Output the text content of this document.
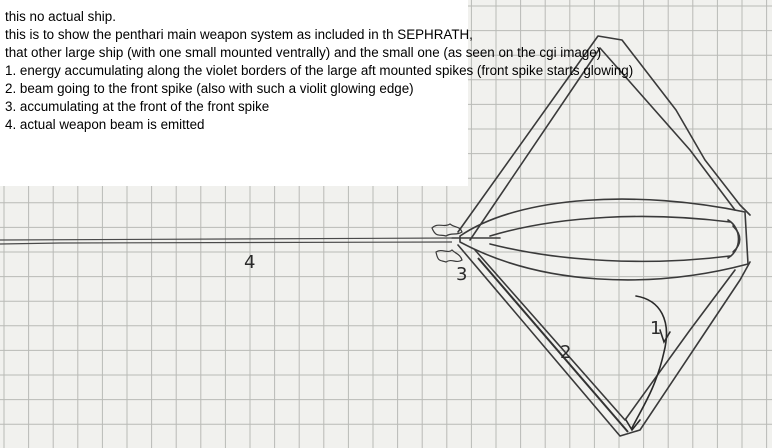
4
3
2
1
this no actual ship.
this is to show the penthari main weapon system as included in th SEPHRATH,
that other large ship (with one small mounted ventrally) and the small one (as seen on the cgi image)
1. energy accumulating along the violet borders of the large aft mounted spikes (front spike starts glowing)
2. beam going to the front spike (also with such a violit glowing edge)
3. accumulating at the front of the front spike
4. actual weapon beam is emitted
